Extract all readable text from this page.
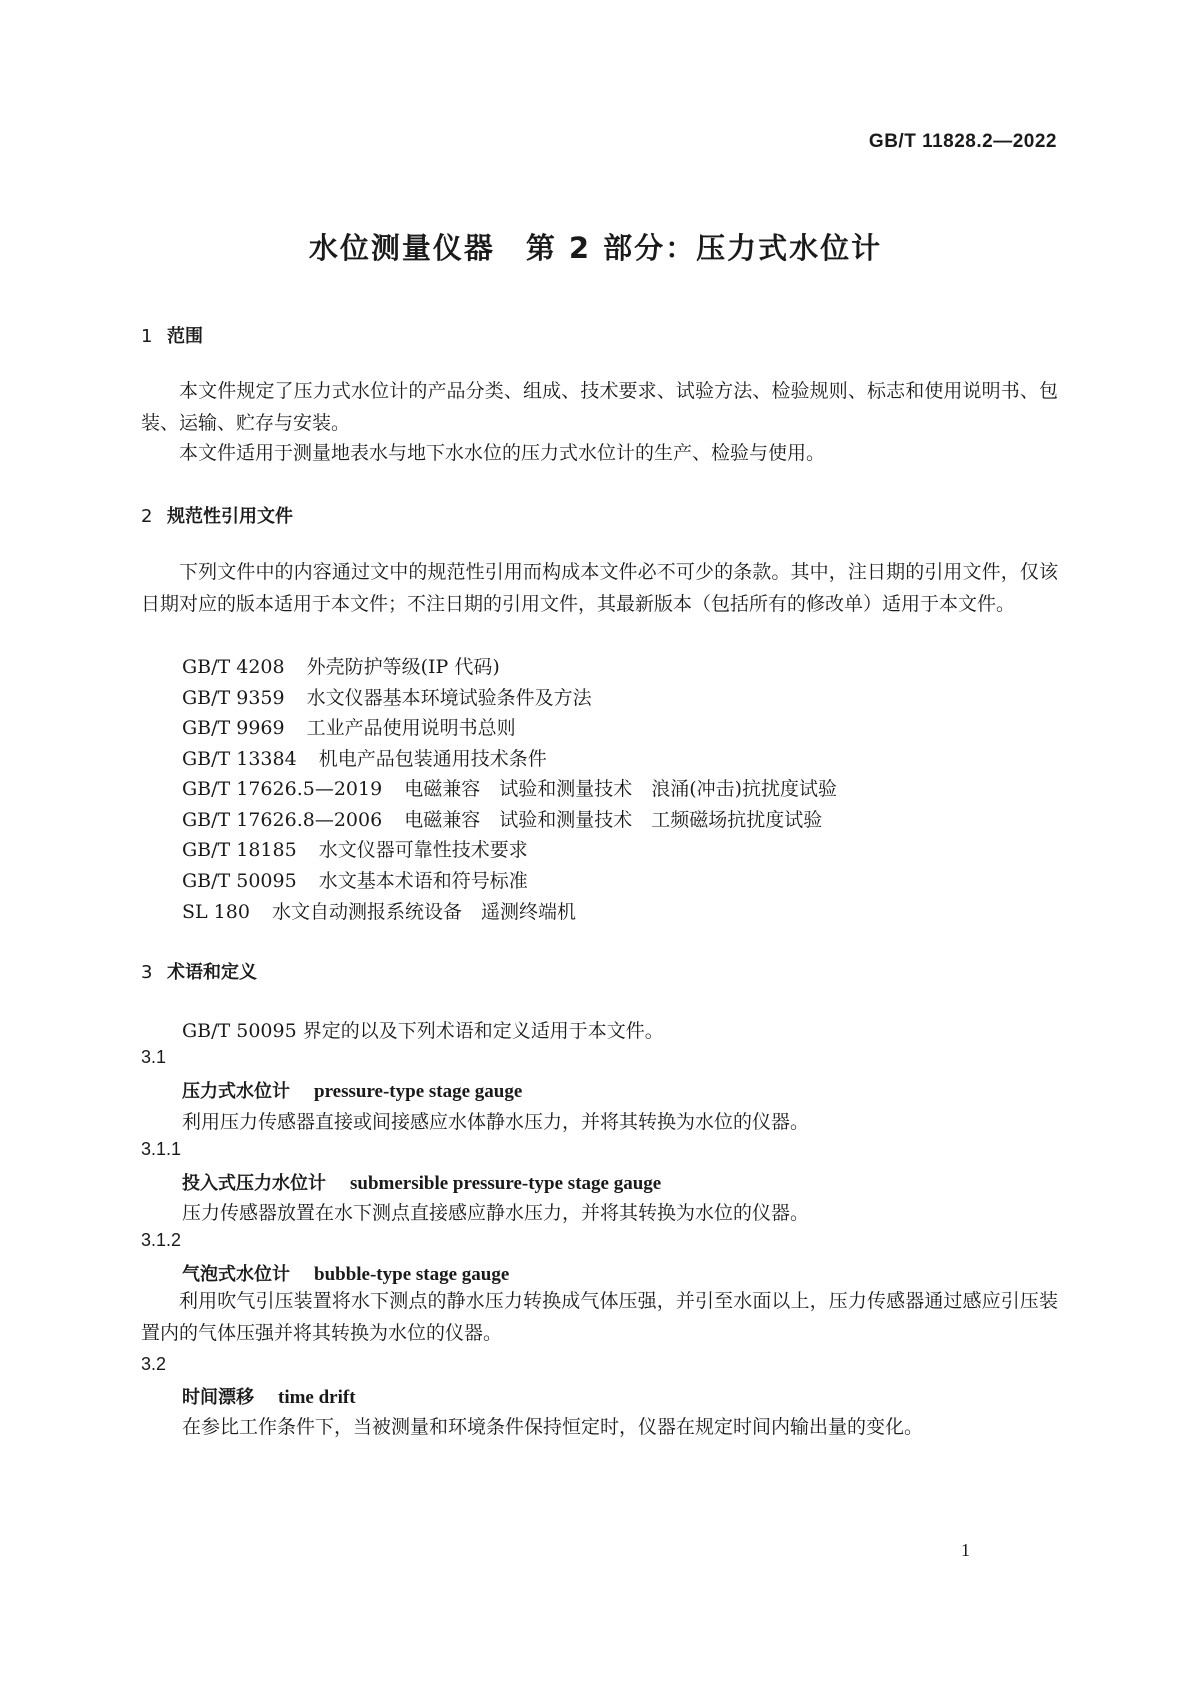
GB/T 11828.2—2022
水位测量仪器　第 2 部分：压力式水位计
1 范围
本文件规定了压力式水位计的产品分类、组成、技术要求、试验方法、检验规则、标志和使用说明书、包装、运输、贮存与安装。
本文件适用于测量地表水与地下水水位的压力式水位计的生产、检验与使用。
2 规范性引用文件
下列文件中的内容通过文中的规范性引用而构成本文件必不可少的条款。其中，注日期的引用文件，仅该日期对应的版本适用于本文件；不注日期的引用文件，其最新版本（包括所有的修改单）适用于本文件。
GB/T 4208 外壳防护等级(IP 代码)
GB/T 9359 水文仪器基本环境试验条件及方法
GB/T 9969 工业产品使用说明书总则
GB/T 13384 机电产品包装通用技术条件
GB/T 17626.5—2019 电磁兼容　试验和测量技术　浪涌(冲击)抗扰度试验
GB/T 17626.8—2006 电磁兼容　试验和测量技术　工频磁场抗扰度试验
GB/T 18185 水文仪器可靠性技术要求
GB/T 50095 水文基本术语和符号标准
SL 180 水文自动测报系统设备　遥测终端机
3 术语和定义
GB/T 50095 界定的以及下列术语和定义适用于本文件。
3.1
压力式水位计 pressure-type stage gauge
利用压力传感器直接或间接感应水体静水压力，并将其转换为水位的仪器。
3.1.1
投入式压力水位计 submersible pressure-type stage gauge
压力传感器放置在水下测点直接感应静水压力，并将其转换为水位的仪器。
3.1.2
气泡式水位计 bubble-type stage gauge
利用吹气引压装置将水下测点的静水压力转换成气体压强，并引至水面以上，压力传感器通过感应引压装置内的气体压强并将其转换为水位的仪器。
3.2
时间漂移 time drift
在参比工作条件下，当被测量和环境条件保持恒定时，仪器在规定时间内输出量的变化。
1
